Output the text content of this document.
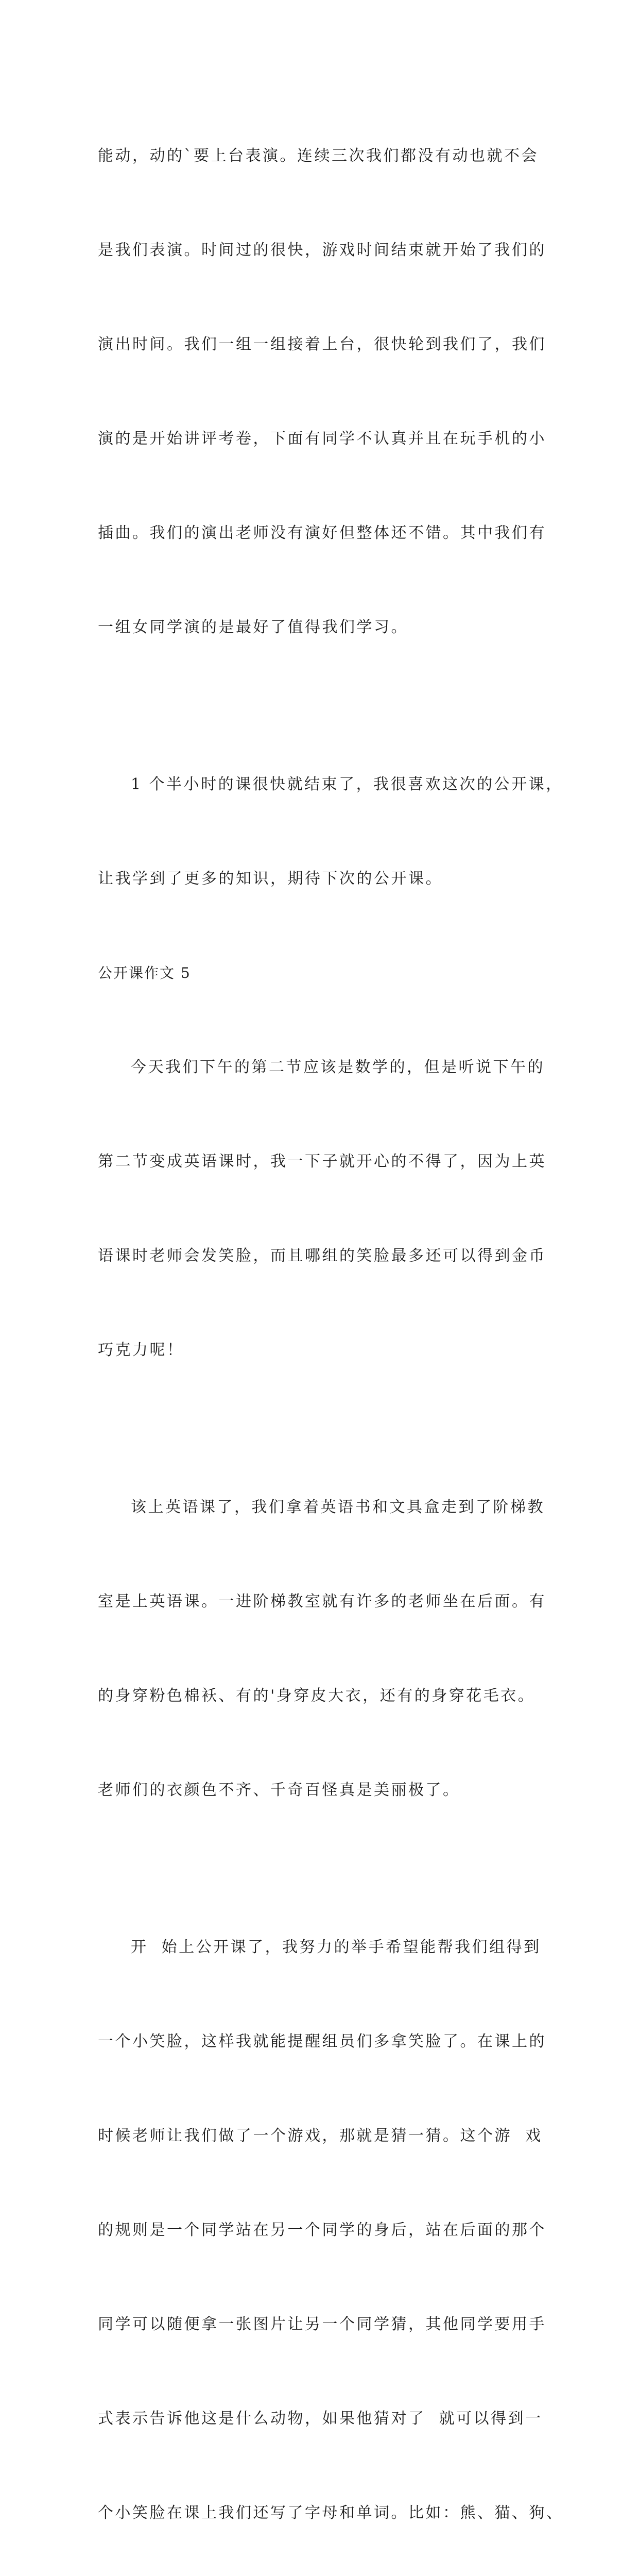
能动，动的`要上台表演。连续三次我们都没有动也就不会

是我们表演。时间过的很快，游戏时间结束就开始了我们的

演出时间。我们一组一组接着上台，很快轮到我们了，我们

演的是开始讲评考卷，下面有同学不认真并且在玩手机的小

插曲。我们的演出老师没有演好但整体还不错。其中我们有

一组女同学演的是最好了值得我们学习。

1 个半小时的课很快就结束了，我很喜欢这次的公开课，

让我学到了更多的知识，期待下次的公开课。

公开课作文 5

今天我们下午的第二节应该是数学的，但是听说下午的

第二节变成英语课时，我一下子就开心的不得了，因为上英

语课时老师会发笑脸，而且哪组的笑脸最多还可以得到金币

巧克力呢！

该上英语课了，我们拿着英语书和文具盒走到了阶梯教

室是上英语课。一进阶梯教室就有许多的老师坐在后面。有

的身穿粉色棉袄、有的'身穿皮大衣，还有的身穿花毛衣。

老师们的衣颜色不齐、千奇百怪真是美丽极了。

开  始上公开课了，我努力的举手希望能帮我们组得到

一个小笑脸，这样我就能提醒组员们多拿笑脸了。在课上的

时候老师让我们做了一个游戏，那就是猜一猜。这个游  戏

的规则是一个同学站在另一个同学的身后，站在后面的那个

同学可以随便拿一张图片让另一个同学猜，其他同学要用手

式表示告诉他这是什么动物，如果他猜对了  就可以得到一

个小笑脸在课上我们还写了字母和单词。比如：熊、猫、狗、
